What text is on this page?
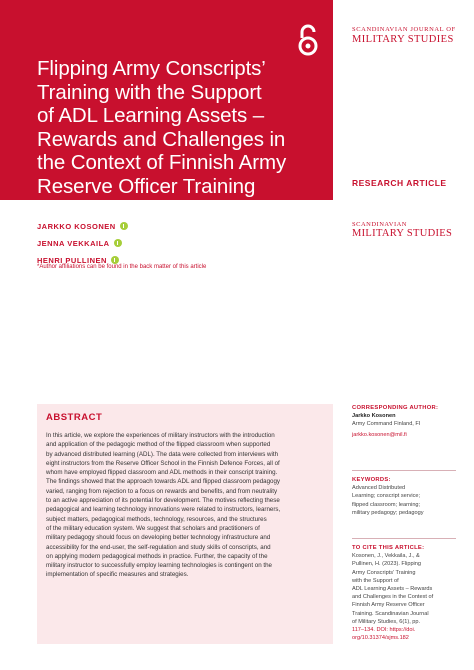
Flipping Army Conscripts’
Training with the Support
of ADL Learning Assets –
Rewards and Challenges in
the Context of Finnish Army
Reserve Officer Training
SCANDINAVIAN JOURNAL OF
MILITARY STUDIES
RESEARCH ARTICLE
SCANDINAVIAN
MILITARY STUDIES
JARKKO KOSONEN
JENNA VEKKAILA
HENRI PULLINEN
*Author affiliations can be found in the back matter of this article
ABSTRACT
In this article, we explore the experiences of military instructors with the introduction
and application of the pedagogic method of the flipped classroom when supported
by advanced distributed learning (ADL). The data were collected from interviews with
eight instructors from the Reserve Officer School in the Finnish Defence Forces, all of
whom have employed flipped classroom and ADL methods in their conscript training.
The findings showed that the approach towards ADL and flipped classroom pedagogy
varied, ranging from rejection to a focus on rewards and benefits, and from neutrality
to an active appreciation of its potential for development. The motives reflecting these
pedagogical and learning technology innovations were related to instructors, learners,
subject matters, pedagogical methods, technology, resources, and the structures
of the military education system. We suggest that scholars and practitioners of
military pedagogy should focus on developing better technology infrastructure and
accessibility for the end-user, the self-regulation and study skills of conscripts, and
on applying modern pedagogical methods in practice. Further, the capacity of the
military instructor to successfully employ learning technologies is contingent on the
implementation of specific measures and strategies.
CORRESPONDING AUTHOR:
Jarkko Kosonen
Army Command Finland, FI
jarkko.kosonen@mil.fi
KEYWORDS:
Advanced Distributed
Learning; conscript service;
flipped classroom; learning;
military pedagogy; pedagogy
TO CITE THIS ARTICLE:
Kosonen, J., Vekkaila, J., &
Pullinen, H. (2023). Flipping
Army Conscripts’ Training
with the Support of
ADL Learning Assets – Rewards
and Challenges in the Context of
Finnish Army Reserve Officer
Training. Scandinavian Journal
of Military Studies, 6(1), pp.
117–134. DOI: https://doi.
org/10.31374/sjms.182
